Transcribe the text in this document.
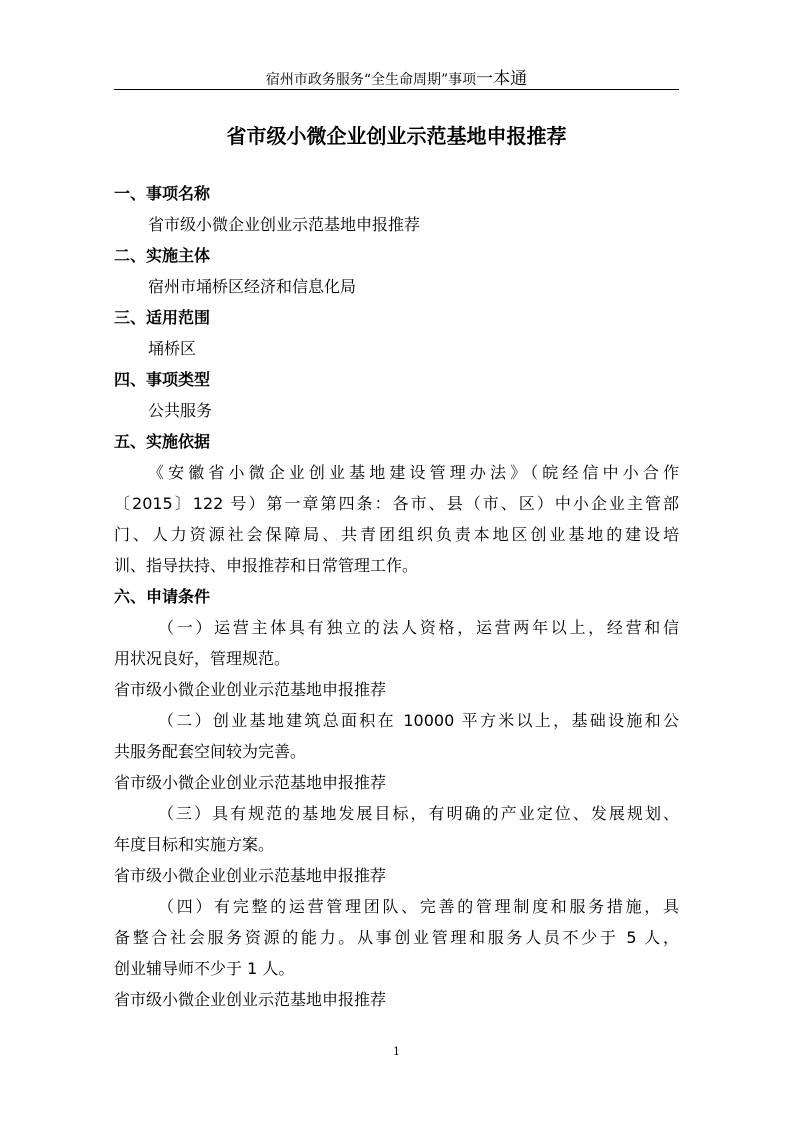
宿州市政务服务“全生命周期”事项一本通
省市级小微企业创业示范基地申报推荐
一、事项名称
省市级小微企业创业示范基地申报推荐
二、实施主体
宿州市埇桥区经济和信息化局
三、适用范围
埇桥区
四、事项类型
公共服务
五、实施依据
《安徽省小微企业创业基地建设管理办法》（皖经信中小合作
〔2015〕122 号）第一章第四条：各市、县（市、区）中小企业主管部
门、人力资源社会保障局、共青团组织负责本地区创业基地的建设培
训、指导扶持、申报推荐和日常管理工作。
六、申请条件
（一）运营主体具有独立的法人资格，运营两年以上，经营和信
用状况良好，管理规范。
省市级小微企业创业示范基地申报推荐
（二）创业基地建筑总面积在 10000 平方米以上，基础设施和公
共服务配套空间较为完善。
省市级小微企业创业示范基地申报推荐
（三）具有规范的基地发展目标，有明确的产业定位、发展规划、
年度目标和实施方案。
省市级小微企业创业示范基地申报推荐
（四）有完整的运营管理团队、完善的管理制度和服务措施，具
备整合社会服务资源的能力。从事创业管理和服务人员不少于 5 人，
创业辅导师不少于 1 人。
省市级小微企业创业示范基地申报推荐
1
